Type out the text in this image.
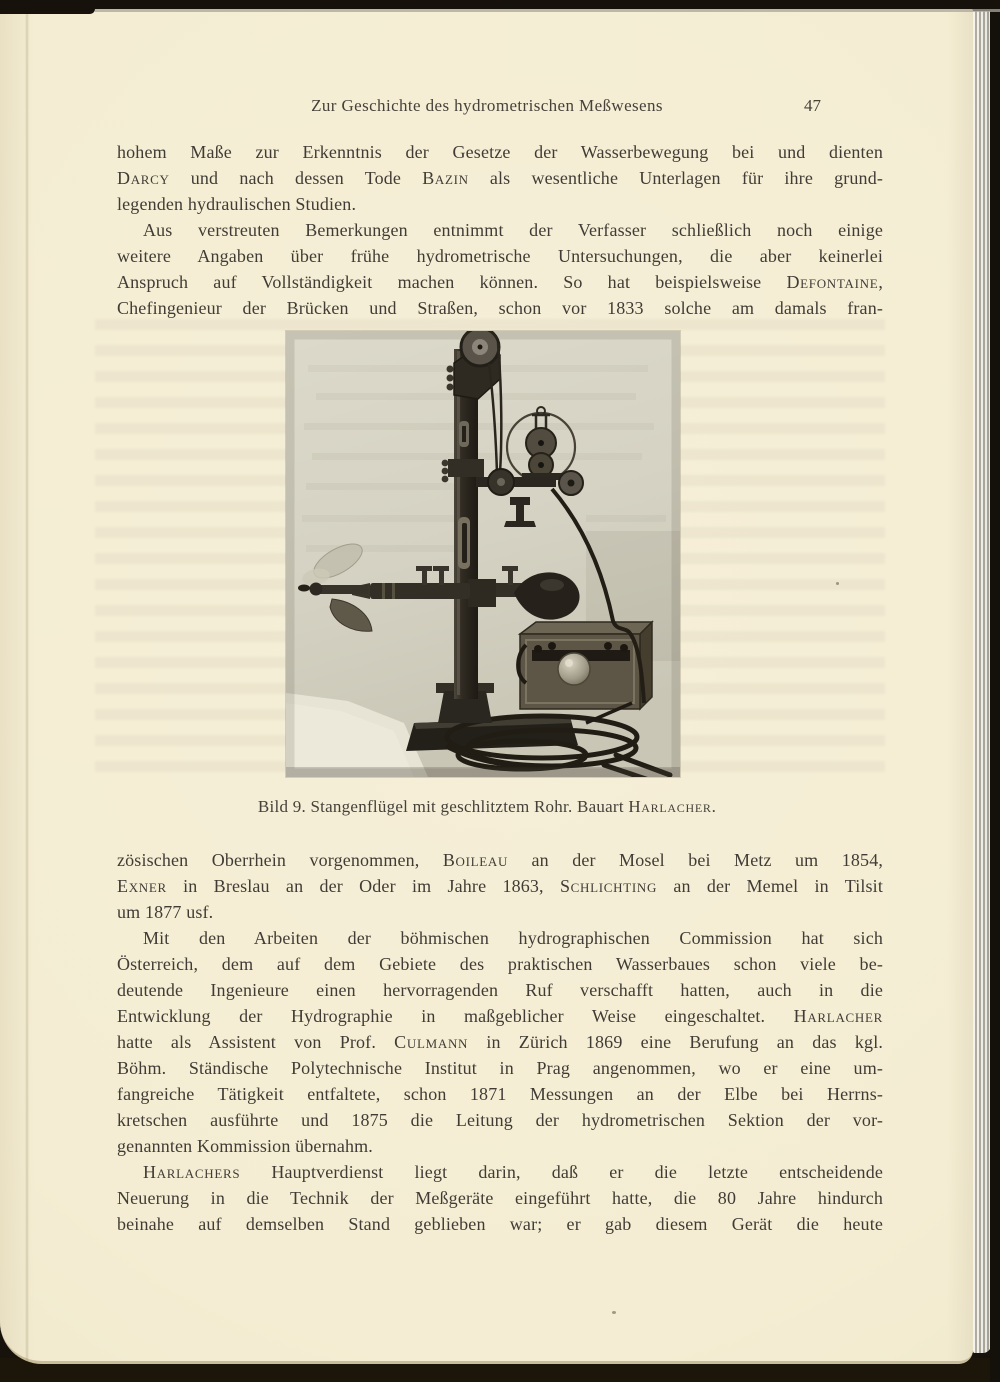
Zur Geschichte des hydrometrischen Meßwesens	47
hohem Maße zur Erkenntnis der Gesetze der Wasserbewegung bei und dienten
Darcy und nach dessen Tode Bazin als wesentliche Unterlagen für ihre grund-
legenden hydraulischen Studien.
Aus verstreuten Bemerkungen entnimmt der Verfasser schließlich noch einige
weitere Angaben über frühe hydrometrische Untersuchungen, die aber keinerlei
Anspruch auf Vollständigkeit machen können. So hat beispielsweise Defontaine,
Chefingenieur der Brücken und Straßen, schon vor 1833 solche am damals fran-
Bild 9. Stangenflügel mit geschlitztem Rohr. Bauart Harlacher.
zösischen Oberrhein vorgenommen, Boileau an der Mosel bei Metz um 1854,
Exner in Breslau an der Oder im Jahre 1863, Schlichting an der Memel in Tilsit
um 1877 usf.
Mit den Arbeiten der böhmischen hydrographischen Commission hat sich
Österreich, dem auf dem Gebiete des praktischen Wasserbaues schon viele be-
deutende Ingenieure einen hervorragenden Ruf verschafft hatten, auch in die
Entwicklung der Hydrographie in maßgeblicher Weise eingeschaltet. Harlacher
hatte als Assistent von Prof. Culmann in Zürich 1869 eine Berufung an das kgl.
Böhm. Ständische Polytechnische Institut in Prag angenommen, wo er eine um-
fangreiche Tätigkeit entfaltete, schon 1871 Messungen an der Elbe bei Herrns-
kretschen ausführte und 1875 die Leitung der hydrometrischen Sektion der vor-
genannten Kommission übernahm.
Harlachers Hauptverdienst liegt darin, daß er die letzte entscheidende
Neuerung in die Technik der Meßgeräte eingeführt hatte, die 80 Jahre hindurch
beinahe auf demselben Stand geblieben war; er gab diesem Gerät die heute
